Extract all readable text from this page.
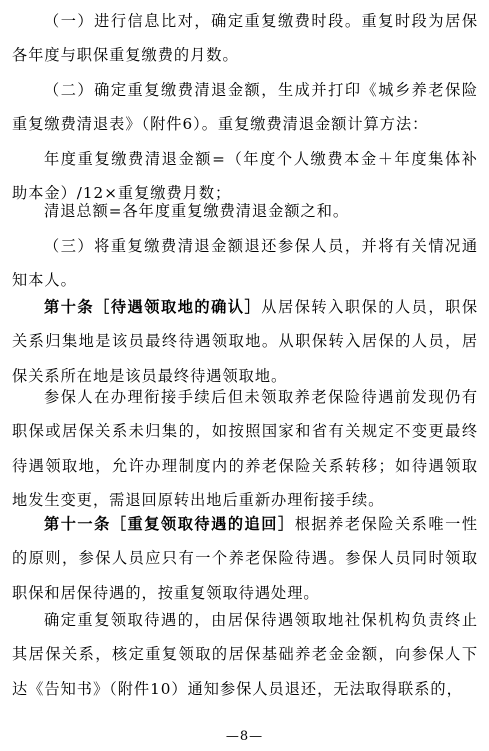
（一）进行信息比对，确定重复缴费时段。重复时段为居保各年度与职保重复缴费的月数。

（二）确定重复缴费清退金额，生成并打印《城乡养老保险重复缴费清退表》（附件6）。重复缴费清退金额计算方法：

年度重复缴费清退金额=（年度个人缴费本金＋年度集体补助本金）/12×重复缴费月数；

清退总额=各年度重复缴费清退金额之和。

（三）将重复缴费清退金额退还参保人员，并将有关情况通知本人。

第十条［待遇领取地的确认］从居保转入职保的人员，职保关系归集地是该员最终待遇领取地。从职保转入居保的人员，居保关系所在地是该员最终待遇领取地。

参保人在办理衔接手续后但未领取养老保险待遇前发现仍有职保或居保关系未归集的，如按照国家和省有关规定不变更最终待遇领取地，允许办理制度内的养老保险关系转移；如待遇领取地发生变更，需退回原转出地后重新办理衔接手续。

第十一条［重复领取待遇的追回］根据养老保险关系唯一性的原则，参保人员应只有一个养老保险待遇。参保人员同时领取职保和居保待遇的，按重复领取待遇处理。

确定重复领取待遇的，由居保待遇领取地社保机构负责终止其居保关系，核定重复领取的居保基础养老金金额，向参保人下达《告知书》（附件10）通知参保人员退还，无法取得联系的，

—8—
